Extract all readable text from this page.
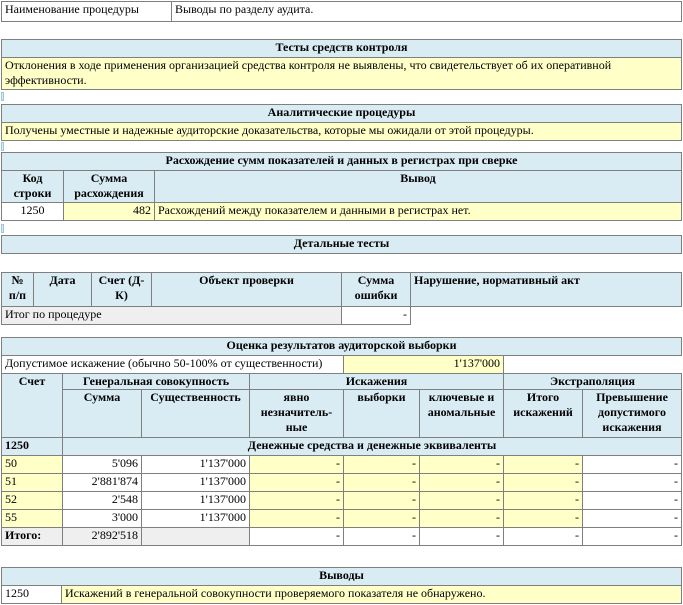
Наименование процедуры	Выводы по разделу аудита.
Тесты средств контроля
Отклонения в ходе применения организацией средства контроля не выявлены, что свидетельствует об их оперативной эффективности.
Аналитические процедуры
Получены уместные и надежные аудиторские доказательства, которые мы ожидали от этой процедуры.
Расхождение сумм показателей и данных в регистрах при сверке		
Код строки	Сумма расхождения	Вывод
1250	482	Расхождений между показателем и данными в регистрах нет.
Детальные тесты
№ п/п	Дата	Счет (Д-К)	Объект проверки	Сумма ошибки	Нарушение, нормативный акт
Итог по процедуре				-	
Оценка результатов аудиторской выборки							
Допустимое искажение (обычно 50-100% от существенности)				1'137'000			
Счет	Генеральная совокупность		Искажения			Экстраполяция	
	Сумма	Существенность	явно незначитель-ные	выборки	ключевые и аномальные	Итого искажений	Превышение допустимого искажения
1250	Денежные средства и денежные эквиваленты						
50	5'096	1'137'000	-	-	-	-	-
51	2'881'874	1'137'000	-	-	-	-	-
52	2'548	1'137'000	-	-	-	-	-
55	3'000	1'137'000	-	-	-	-	-
Итого:	2'892'518		-	-	-	-	-
Выводы
1250	Искажений в генеральной совокупности проверяемого показателя не обнаружено.
